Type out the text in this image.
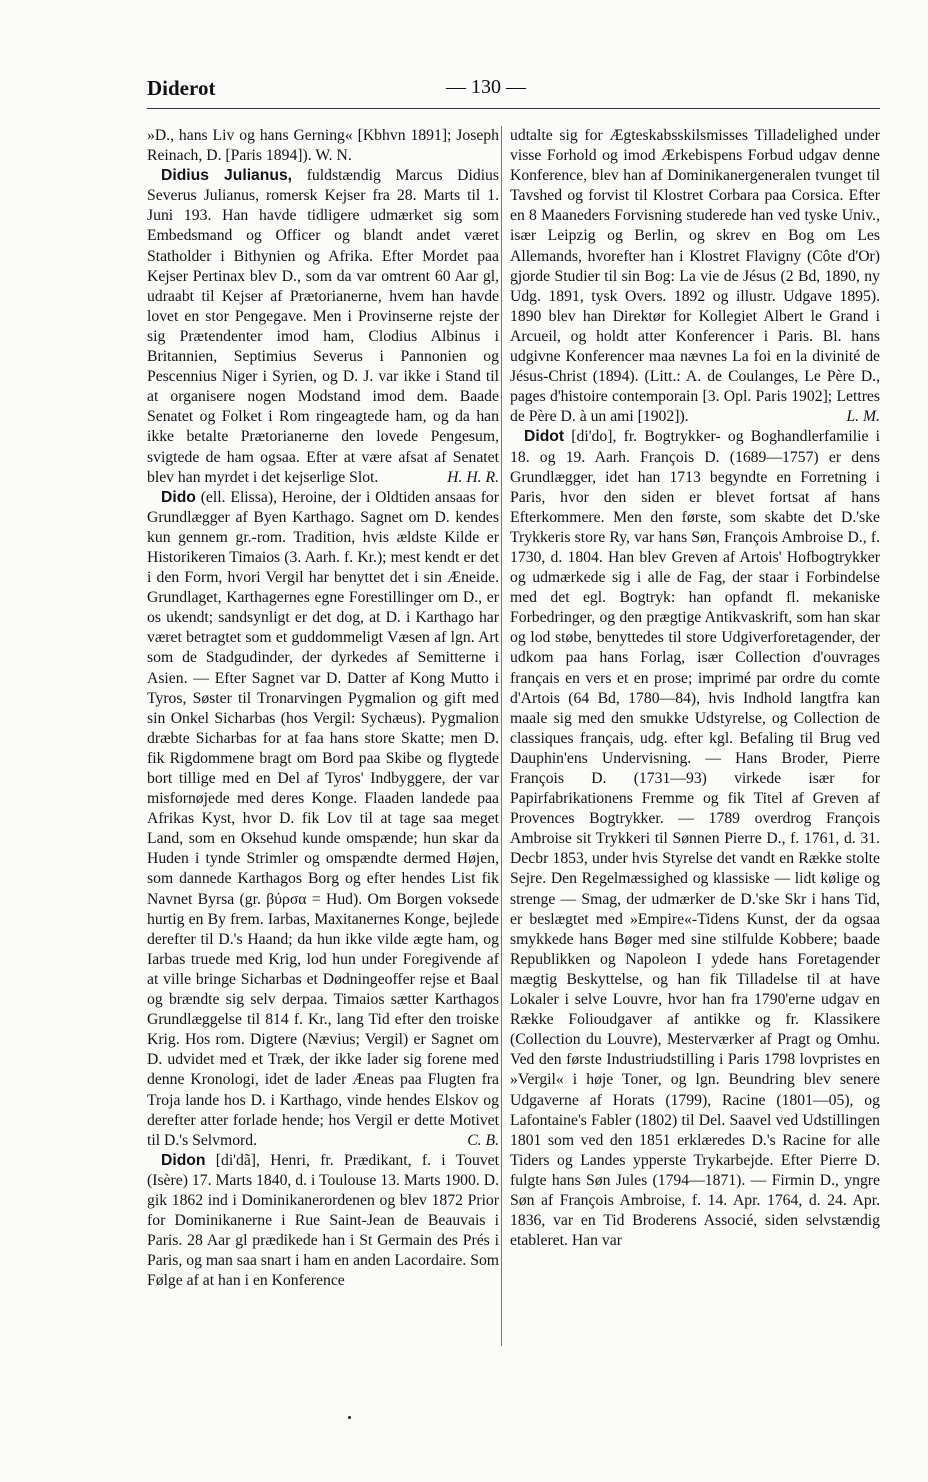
Diderot	— 130 —

»D., hans Liv og hans Gerning« [Kbhvn 1891]; Joseph Reinach, D. [Paris 1894]). W. N.

Didius Julianus, fuldstændig Marcus Didius Severus Julianus, romersk Kejser fra 28. Marts til 1. Juni 193. Han havde tidligere udmærket sig som Embedsmand og Officer og blandt andet været Statholder i Bithynien og Afrika. Efter Mordet paa Kejser Pertinax blev D., som da var omtrent 60 Aar gl, udraabt til Kejser af Prætorianerne, hvem han havde lovet en stor Pengegave. Men i Provinserne rejste der sig Prætendenter imod ham, Clodius Albinus i Britannien, Septimius Severus i Pannonien og Pescennius Niger i Syrien, og D. J. var ikke i Stand til at organisere nogen Modstand imod dem. Baade Senatet og Folket i Rom ringeagtede ham, og da han ikke betalte Prætorianerne den lovede Pengesum, svigtede de ham ogsaa. Efter at være afsat af Senatet blev han myrdet i det kejserlige Slot.	H. H. R.

Dido (ell. Elissa), Heroine, der i Oldtiden ansaas for Grundlægger af Byen Karthago. Sagnet om D. kendes kun gennem gr.-rom. Tradition, hvis ældste Kilde er Historikeren Timaios (3. Aarh. f. Kr.); mest kendt er det i den Form, hvori Vergil har benyttet det i sin Æneide. Grundlaget, Karthagernes egne Forestillinger om D., er os ukendt; sandsynligt er det dog, at D. i Karthago har været betragtet som et guddommeligt Væsen af lgn. Art som de Stadgudinder, der dyrkedes af Semitterne i Asien. — Efter Sagnet var D. Datter af Kong Mutto i Tyros, Søster til Tronarvingen Pygmalion og gift med sin Onkel Sicharbas (hos Vergil: Sychæus). Pygmalion dræbte Sicharbas for at faa hans store Skatte; men D. fik Rigdommene bragt om Bord paa Skibe og flygtede bort tillige med en Del af Tyros' Indbyggere, der var misfornøjede med deres Konge. Flaaden landede paa Afrikas Kyst, hvor D. fik Lov til at tage saa meget Land, som en Oksehud kunde omspænde; hun skar da Huden i tynde Strimler og omspændte dermed Højen, som dannede Karthagos Borg og efter hendes List fik Navnet Byrsa (gr. βύρσα = Hud). Om Borgen voksede hurtig en By frem. Iarbas, Maxitanernes Konge, bejlede derefter til D.'s Haand; da hun ikke vilde ægte ham, og Iarbas truede med Krig, lod hun under Foregivende af at ville bringe Sicharbas et Dødningeoffer rejse et Baal og brændte sig selv derpaa. Timaios sætter Karthagos Grundlæggelse til 814 f. Kr., lang Tid efter den troiske Krig. Hos rom. Digtere (Nævius; Vergil) er Sagnet om D. udvidet med et Træk, der ikke lader sig forene med denne Kronologi, idet de lader Æneas paa Flugten fra Troja lande hos D. i Karthago, vinde hendes Elskov og derefter atter forlade hende; hos Vergil er dette Motivet til D.'s Selvmord.	C. B.

Didon [di'dã], Henri, fr. Prædikant, f. i Touvet (Isère) 17. Marts 1840, d. i Toulouse 13. Marts 1900. D. gik 1862 ind i Dominikanerordenen og blev 1872 Prior for Dominikanerne i Rue Saint-Jean de Beauvais i Paris. 28 Aar gl prædikede han i St Germain des Prés i Paris, og man saa snart i ham en anden Lacordaire. Som Følge af at han i en Konference

udtalte sig for Ægteskabsskilsmisses Tilladelighed under visse Forhold og imod Ærkebispens Forbud udgav denne Konference, blev han af Dominikanergeneralen tvunget til Tavshed og forvist til Klostret Corbara paa Corsica. Efter en 8 Maaneders Forvisning studerede han ved tyske Univ., især Leipzig og Berlin, og skrev en Bog om Les Allemands, hvorefter han i Klostret Flavigny (Côte d'Or) gjorde Studier til sin Bog: La vie de Jésus (2 Bd, 1890, ny Udg. 1891, tysk Overs. 1892 og illustr. Udgave 1895). 1890 blev han Direktør for Kollegiet Albert le Grand i Arcueil, og holdt atter Konferencer i Paris. Bl. hans udgivne Konferencer maa nævnes La foi en la divinité de Jésus-Christ (1894). (Litt.: A. de Coulanges, Le Père D., pages d'histoire contemporain [3. Opl. Paris 1902]; Lettres de Père D. à un ami [1902]).	L. M.

Didot [di'do], fr. Bogtrykker- og Boghandlerfamilie i 18. og 19. Aarh. François D. (1689—1757) er dens Grundlægger, idet han 1713 begyndte en Forretning i Paris, hvor den siden er blevet fortsat af hans Efterkommere. Men den første, som skabte det D.'ske Trykkeris store Ry, var hans Søn, François Ambroise D., f. 1730, d. 1804. Han blev Greven af Artois' Hofbogtrykker og udmærkede sig i alle de Fag, der staar i Forbindelse med det egl. Bogtryk: han opfandt fl. mekaniske Forbedringer, og den prægtige Antikvaskrift, som han skar og lod støbe, benyttedes til store Udgiverforetagender, der udkom paa hans Forlag, især Collection d'ouvrages français en vers et en prose; imprimé par ordre du comte d'Artois (64 Bd, 1780—84), hvis Indhold langtfra kan maale sig med den smukke Udstyrelse, og Collection de classiques français, udg. efter kgl. Befaling til Brug ved Dauphin'ens Undervisning. — Hans Broder, Pierre François D. (1731—93) virkede især for Papirfabrikationens Fremme og fik Titel af Greven af Provences Bogtrykker. — 1789 overdrog François Ambroise sit Trykkeri til Sønnen Pierre D., f. 1761, d. 31. Decbr 1853, under hvis Styrelse det vandt en Række stolte Sejre. Den Regelmæssighed og klassiske — lidt kølige og strenge — Smag, der udmærker de D.'ske Skr i hans Tid, er beslægtet med »Empire«-Tidens Kunst, der da ogsaa smykkede hans Bøger med sine stilfulde Kobbere; baade Republikken og Napoleon I ydede hans Foretagender mægtig Beskyttelse, og han fik Tilladelse til at have Lokaler i selve Louvre, hvor han fra 1790'erne udgav en Række Folioudgaver af antikke og fr. Klassikere (Collection du Louvre), Mesterværker af Pragt og Omhu. Ved den første Industriudstilling i Paris 1798 lovpristes en »Vergil« i høje Toner, og lgn. Beundring blev senere Udgaverne af Horats (1799), Racine (1801—05), og Lafontaine's Fabler (1802) til Del. Saavel ved Udstillingen 1801 som ved den 1851 erklæredes D.'s Racine for alle Tiders og Landes ypperste Trykarbejde. Efter Pierre D. fulgte hans Søn Jules (1794—1871). — Firmin D., yngre Søn af François Ambroise, f. 14. Apr. 1764, d. 24. Apr. 1836, var en Tid Broderens Associé, siden selvstændig etableret. Han var
